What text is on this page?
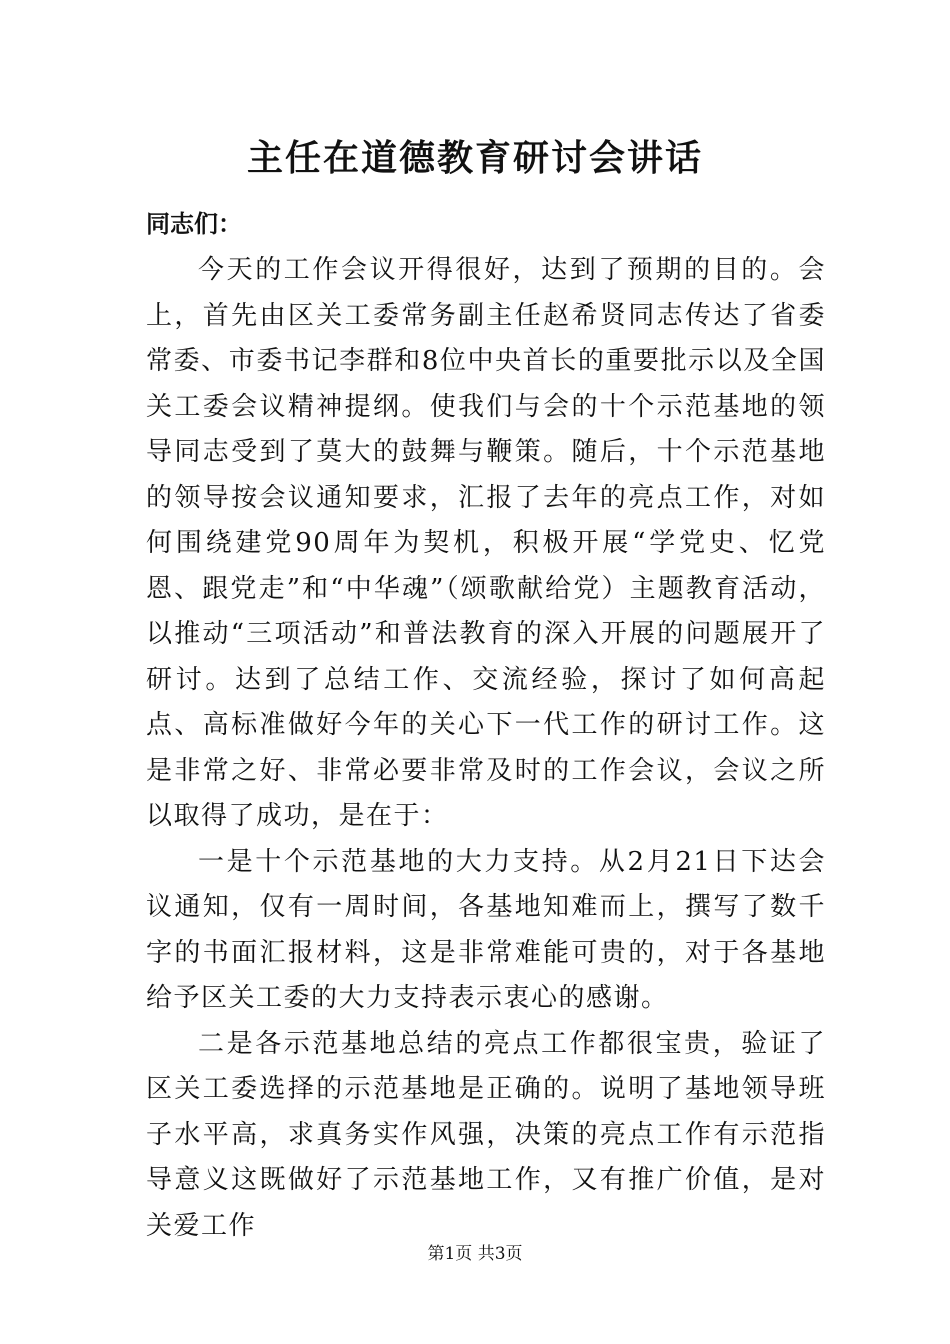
主任在道德教育研讨会讲话
同志们：

今天的工作会议开得很好，达到了预期的目的。会上，首先由区关工委常务副主任赵希贤同志传达了省委常委、市委书记李群和8位中央首长的重要批示以及全国关工委会议精神提纲。使我们与会的十个示范基地的领导同志受到了莫大的鼓舞与鞭策。随后，十个示范基地的领导按会议通知要求，汇报了去年的亮点工作，对如何围绕建党90周年为契机，积极开展“学党史、忆党恩、跟党走”和“中华魂”（颂歌献给党）主题教育活动，以推动“三项活动”和普法教育的深入开展的问题展开了研讨。达到了总结工作、交流经验，探讨了如何高起点、高标准做好今年的关心下一代工作的研讨工作。这是非常之好、非常必要非常及时的工作会议，会议之所以取得了成功，是在于：

一是十个示范基地的大力支持。从2月21日下达会议通知，仅有一周时间，各基地知难而上，撰写了数千字的书面汇报材料，这是非常难能可贵的，对于各基地给予区关工委的大力支持表示衷心的感谢。

二是各示范基地总结的亮点工作都很宝贵，验证了区关工委选择的示范基地是正确的。说明了基地领导班子水平高，求真务实作风强，决策的亮点工作有示范指导意义这既做好了示范基地工作，又有推广价值，是对关爱工作

第1页 共3页
